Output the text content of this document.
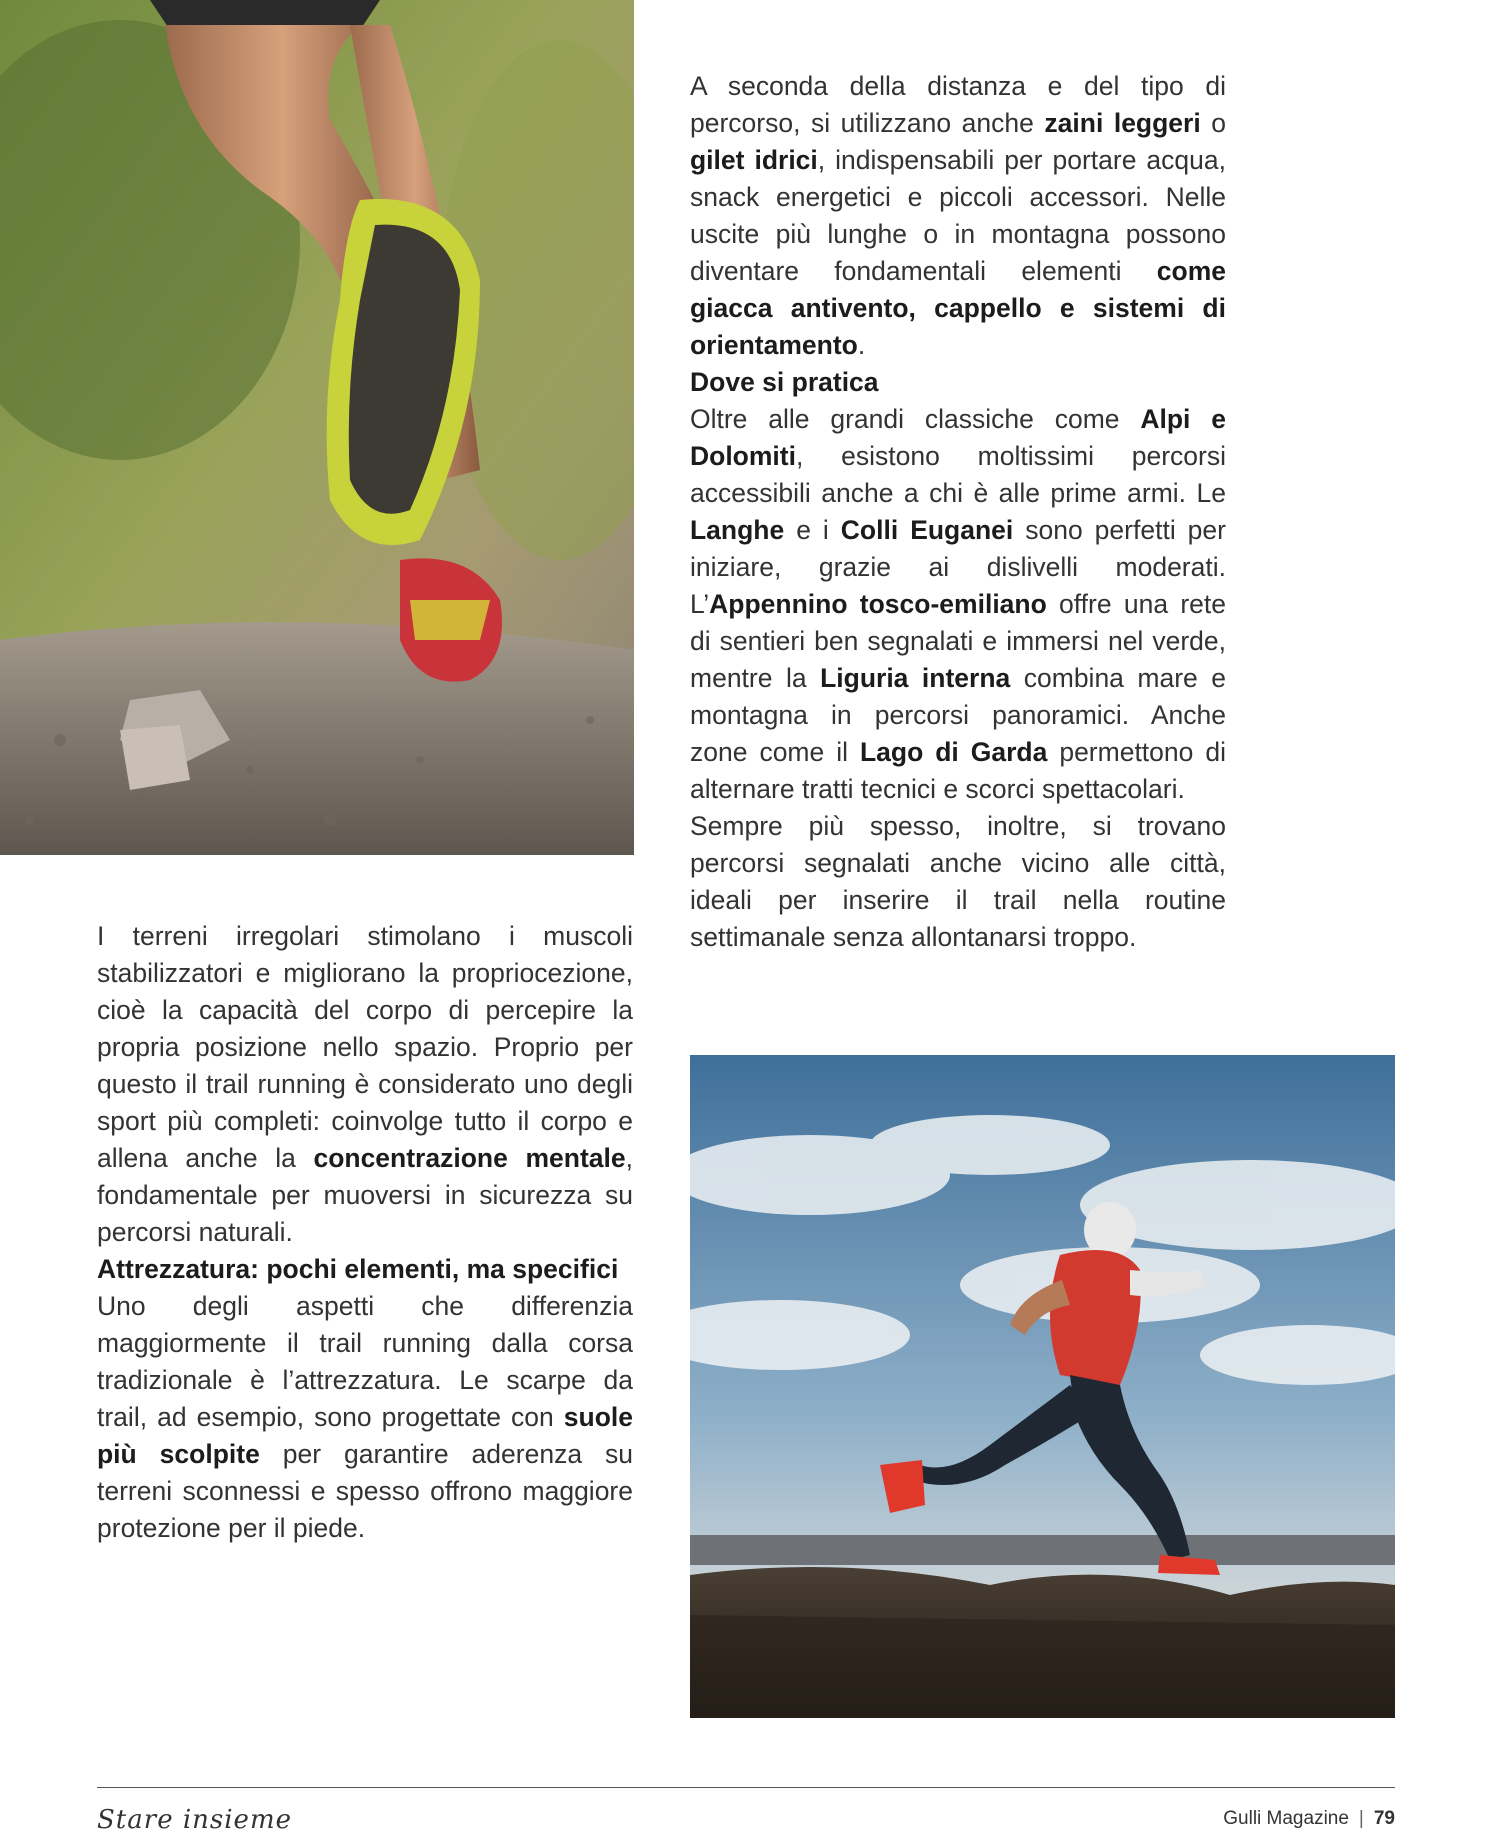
A seconda della distanza e del tipo di percorso, si utilizzano anche zaini leggeri o gilet idrici, indispensabili per portare acqua, snack energetici e piccoli accessori. Nelle uscite più lunghe o in montagna possono diventare fondamentali elementi come giacca antivento, cappello e sistemi di orientamento.

Dove si pratica

Oltre alle grandi classiche come Alpi e Dolomiti, esistono moltissimi percorsi accessibili anche a chi è alle prime armi. Le Langhe e i Colli Euganei sono perfetti per iniziare, grazie ai dislivelli moderati. L’Appennino tosco-emiliano offre una rete di sentieri ben segnalati e immersi nel verde, mentre la Liguria interna combina mare e montagna in percorsi panoramici. Anche zone come il Lago di Garda permettono di alternare tratti tecnici e scorci spettacolari.

Sempre più spesso, inoltre, si trovano percorsi segnalati anche vicino alle città, ideali per inserire il trail nella routine settimanale senza allontanarsi troppo.

I terreni irregolari stimolano i muscoli stabilizzatori e migliorano la propriocezione, cioè la capacità del corpo di percepire la propria posizione nello spazio. Proprio per questo il trail running è considerato uno degli sport più completi: coinvolge tutto il corpo e allena anche la concentrazione mentale, fondamentale per muoversi in sicurezza su percorsi naturali.

Attrezzatura: pochi elementi, ma specifici

Uno degli aspetti che differenzia maggiormente il trail running dalla corsa tradizionale è l’attrezzatura. Le scarpe da trail, ad esempio, sono progettate con suole più scolpite per garantire aderenza su terreni sconnessi e spesso offrono maggiore protezione per il piede.

Stare insieme	Gulli Magazine | 79
